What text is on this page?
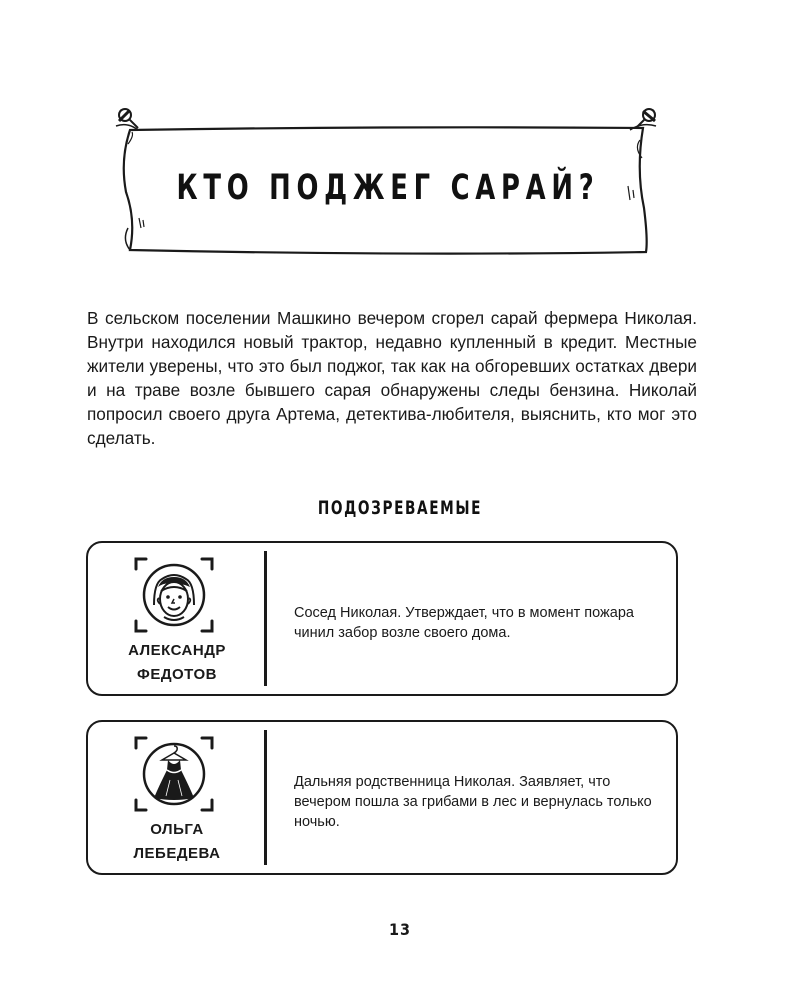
КТО ПОДЖЕГ САРАЙ?
В сельском поселении Машкино вечером сгорел сарай фермера Николая. Внутри находился новый трактор, недавно купленный в кредит. Местные жители уверены, что это был поджог, так как на обгоревших остатках двери и на траве возле бывшего сарая обнаружены следы бензина. Николай попросил своего друга Артема, детектива-любителя, выяснить, кто мог это сделать.
ПОДОЗРЕВАЕМЫЕ
АЛЕКСАНДР
ФЕДОТОВ
Сосед Николая. Утверждает, что в момент пожара чинил забор возле своего дома.
ОЛЬГА
ЛЕБЕДЕВА
Дальняя родственница Николая. Заявляет, что вечером пошла за грибами в лес и вернулась только ночью.
13
